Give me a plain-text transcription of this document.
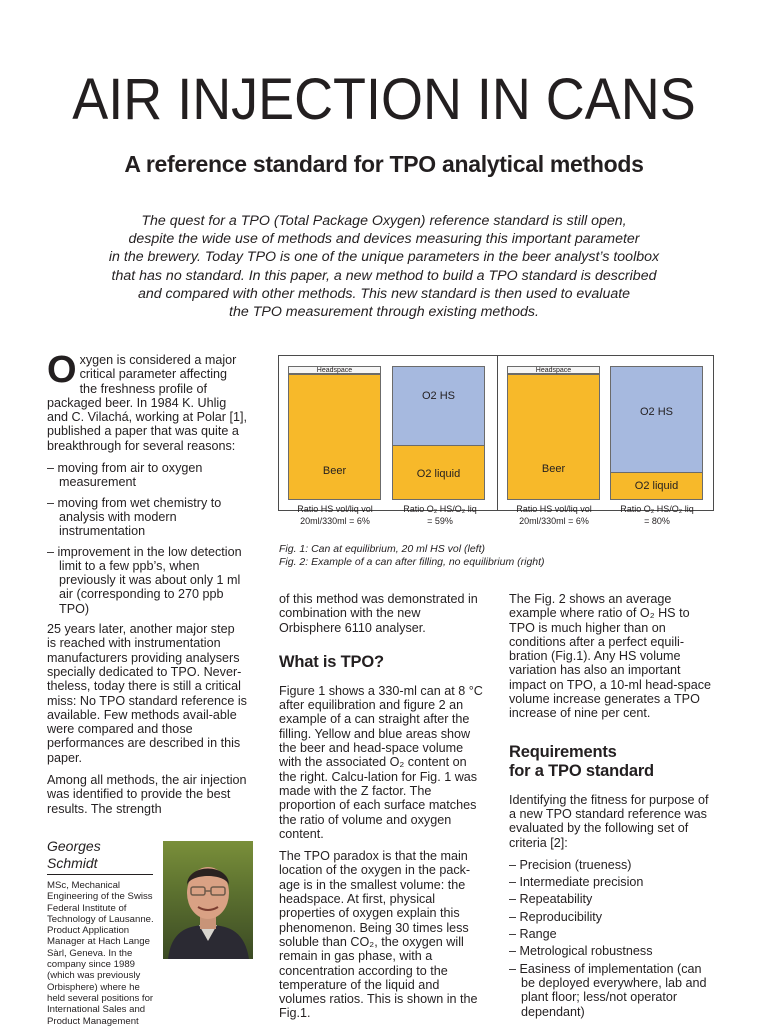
AIR INJECTION IN CANS
A reference standard for TPO analytical methods
The quest for a TPO (Total Package Oxygen) reference standard is still open,
despite the wide use of methods and devices measuring this important parameter
in the brewery. Today TPO is one of the unique parameters in the beer analyst’s toolbox
that has no standard. In this paper, a new method to build a TPO standard is described
and compared with other methods. This new standard is then used to evaluate
the TPO measurement through existing methods.

Oxygen is considered a major critical parameter affecting the freshness profile of packaged beer. In 1984 K. Uhlig and C. Vilachá, working at Polar [1], published a paper that was quite a breakthrough for several reasons:

– moving from air to oxygen measurement
– moving from wet chemistry to analysis with modern instrumentation
– improvement in the low detection limit to a few ppb’s, when previously it was about only 1 ml air (corresponding to 270 ppb TPO)

25 years later, another major step is reached with instrumentation manufacturers providing analysers specially dedicated to TPO. Never-theless, today there is still a critical miss: No TPO standard reference is available. Few methods avail-able were compared and those performances are described in this paper.

Among all methods, the air injection was identified to provide the best results. The strength

Headspace
Beer
O2 HS
O2 liquid
Ratio HS vol/liq vol
20ml/330ml = 6%
Ratio O₂ HS/O₂ liq
= 59%
Headspace
Beer
O2 HS
O2 liquid
Ratio HS vol/liq vol
20ml/330ml = 6%
Ratio O₂ HS/O₂ liq
= 80%
Fig. 1: Can at equilibrium, 20 ml HS vol (left)
Fig. 2: Example of a can after filling, no equilibrium (right)

of this method was demonstrated in combination with the new Orbisphere 6110 analyser.

What is TPO?

Figure 1 shows a 330-ml can at 8 °C after equilibration and figure 2 an example of a can straight after the filling. Yellow and blue areas show the beer and head-space volume with the associated O₂ content on the right. Calcu-lation for Fig. 1 was made with the Z factor. The proportion of each surface matches the ratio of volume and oxygen content.

The TPO paradox is that the main location of the oxygen in the pack-age is in the smallest volume: the headspace. At first, physical properties of oxygen explain this phenomenon. Being 30 times less soluble than CO₂, the oxygen will remain in gas phase, with a concentration according to the temperature of the liquid and volumes ratios. This is shown in the Fig.1.

The Fig. 2 shows an average example where ratio of O₂ HS to TPO is much higher than on conditions after a perfect equili-bration (Fig.1). Any HS volume variation has also an important impact on TPO, a 10-ml head-space volume increase generates a TPO increase of nine per cent.

Requirements
for a TPO standard

Identifying the fitness for purpose of a new TPO standard reference was evaluated by the following set of criteria [2]:

– Precision (trueness)
– Intermediate precision
– Repeatability
– Reproducibility
– Range
– Metrological robustness
– Easiness of implementation (can be deployed everywhere, lab and plant floor; less/not operator dependant)
Georges
Schmidt
MSc, Mechanical Engineering of the Swiss Federal Institute of Technology of Lausanne. Product Application Manager at Hach Lange Sàrl, Geneva. In the company since 1989 (which was previously Orbisphere) where he held several positions for International Sales and Product Management
